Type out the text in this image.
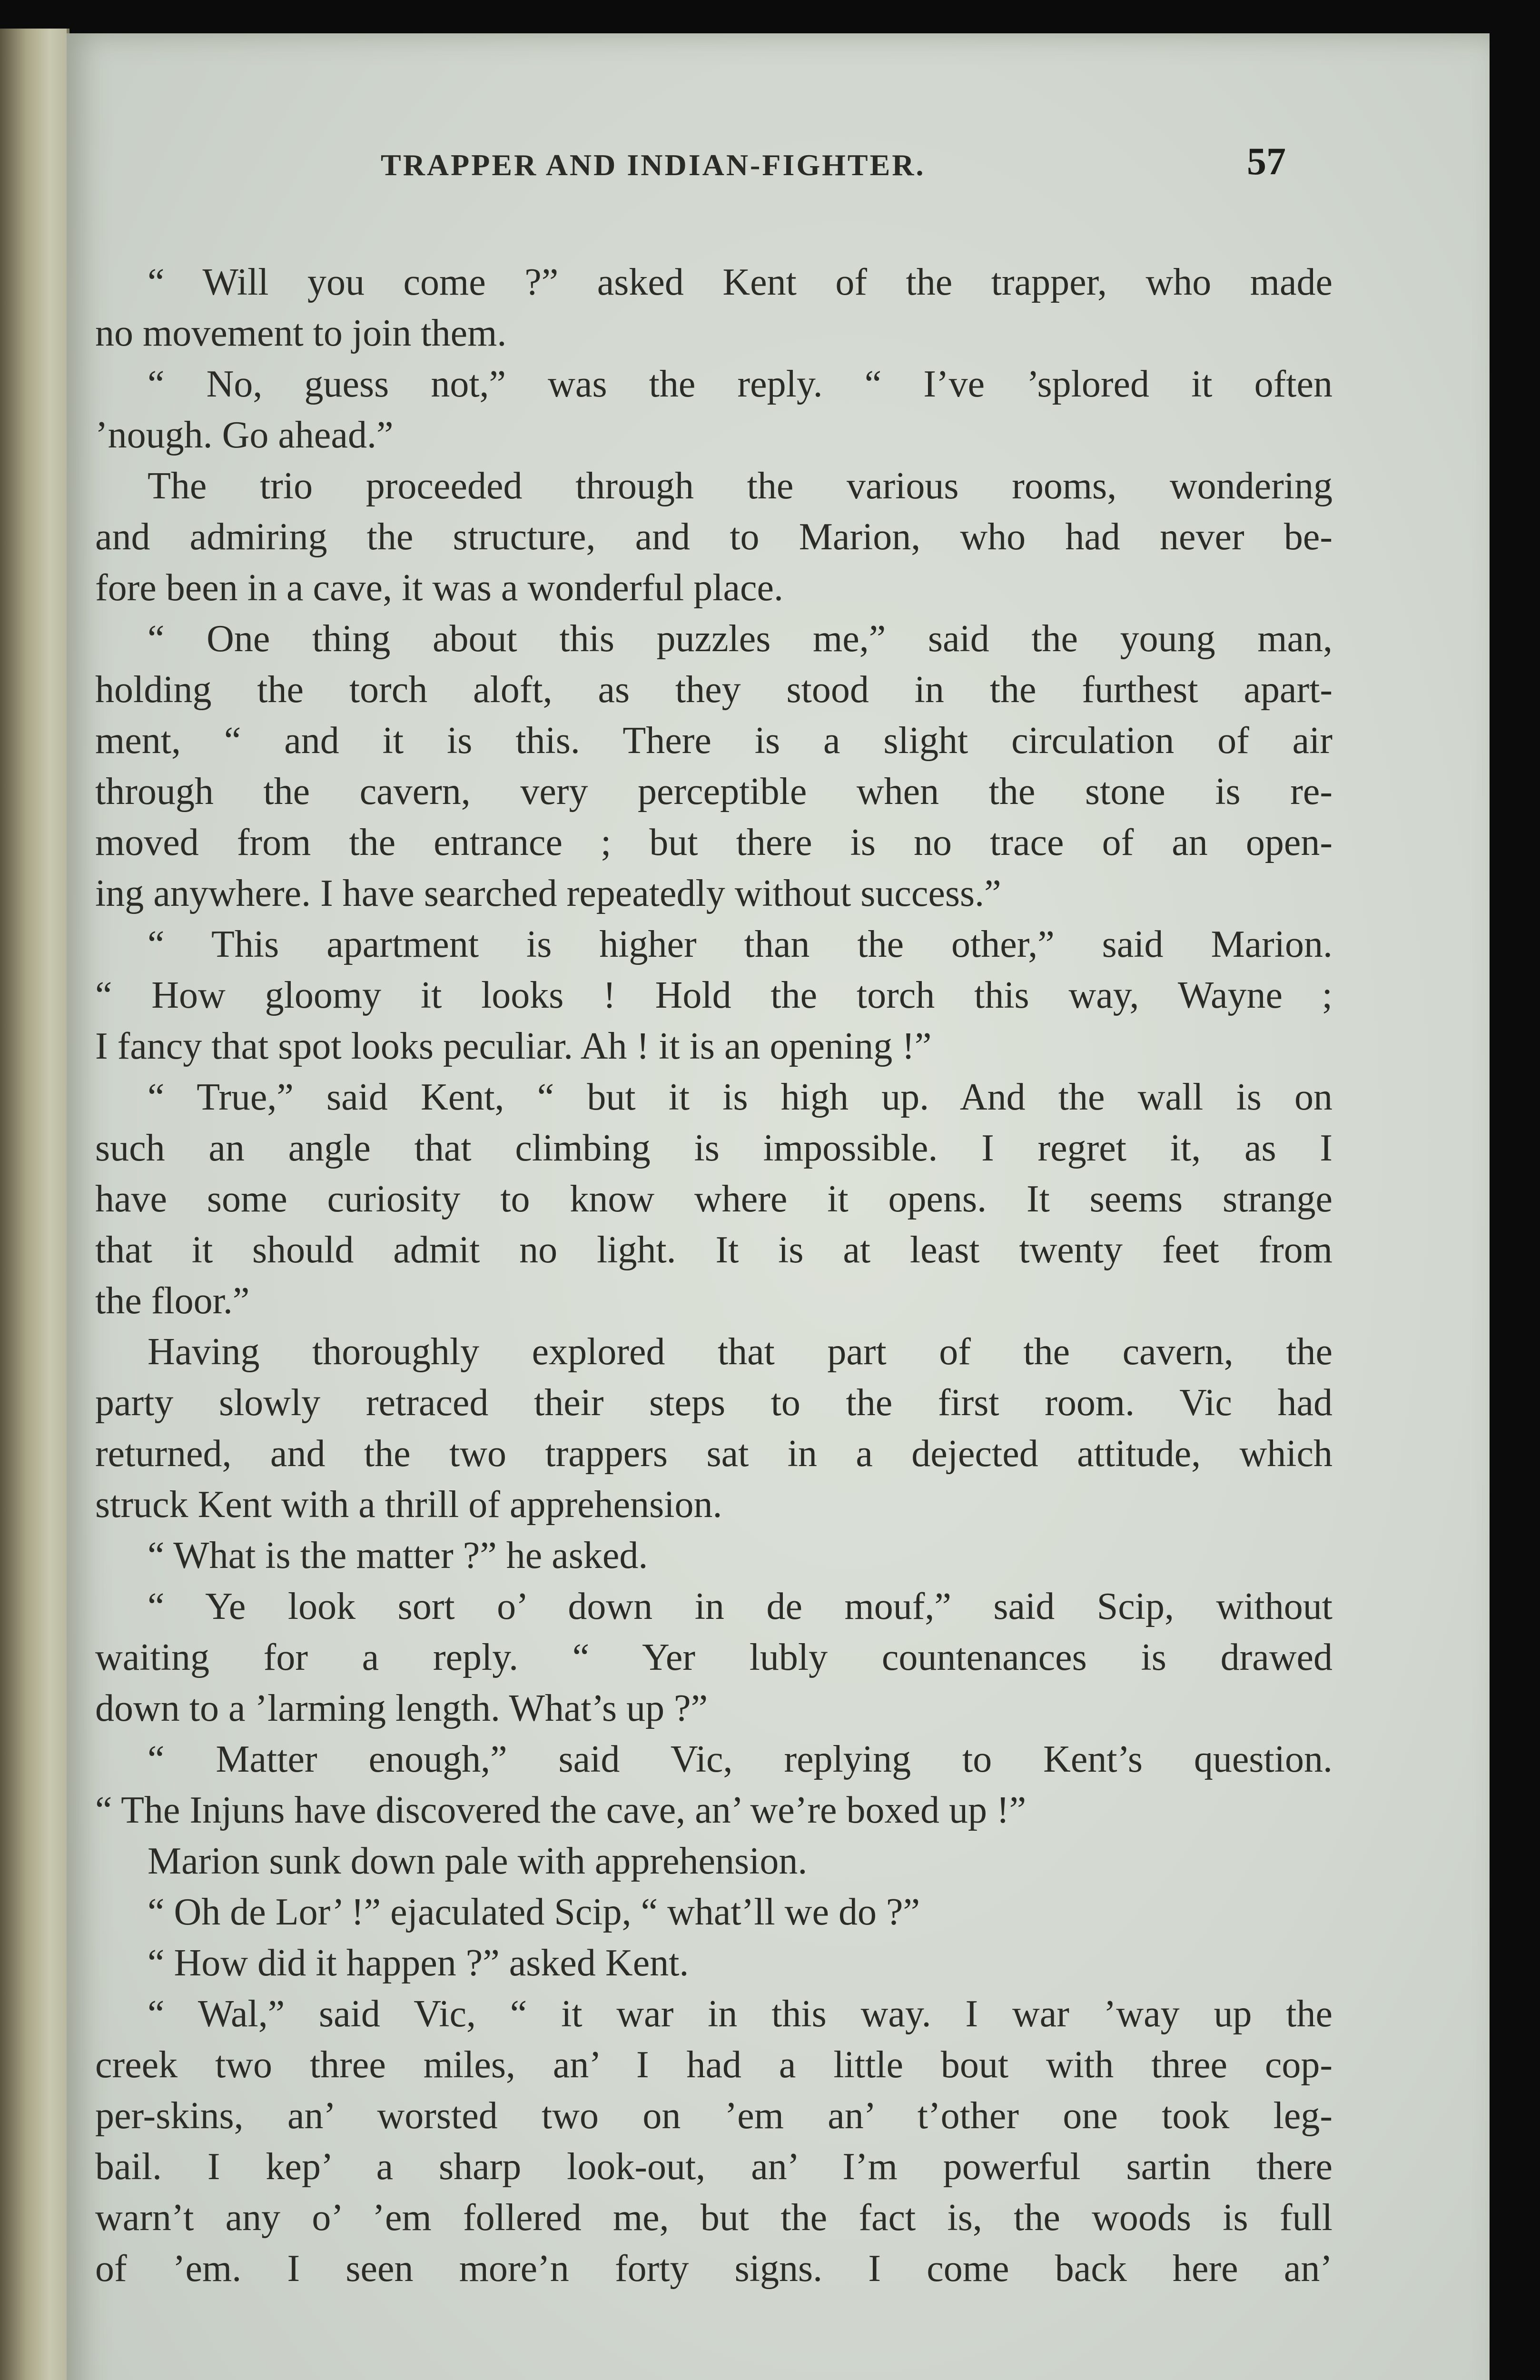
TRAPPER AND INDIAN-FIGHTER.	57
“ Will you come ?” asked Kent of the trapper, who made
no movement to join them.
“ No, guess not,” was the reply. “ I’ve ’splored it often
’nough. Go ahead.”
The trio proceeded through the various rooms, wondering
and admiring the structure, and to Marion, who had never be-
fore been in a cave, it was a wonderful place.
“ One thing about this puzzles me,” said the young man,
holding the torch aloft, as they stood in the furthest apart-
ment, “ and it is this. There is a slight circulation of air
through the cavern, very perceptible when the stone is re-
moved from the entrance ; but there is no trace of an open-
ing anywhere. I have searched repeatedly without success.”
“ This apartment is higher than the other,” said Marion.
“ How gloomy it looks ! Hold the torch this way, Wayne ;
I fancy that spot looks peculiar. Ah ! it is an opening !”
“ True,” said Kent, “ but it is high up. And the wall is on
such an angle that climbing is impossible. I regret it, as I
have some curiosity to know where it opens. It seems strange
that it should admit no light. It is at least twenty feet from
the floor.”
Having thoroughly explored that part of the cavern, the
party slowly retraced their steps to the first room. Vic had
returned, and the two trappers sat in a dejected attitude, which
struck Kent with a thrill of apprehension.
“ What is the matter ?” he asked.
“ Ye look sort o’ down in de mouf,” said Scip, without
waiting for a reply. “ Yer lubly countenances is drawed
down to a ’larming length. What’s up ?”
“ Matter enough,” said Vic, replying to Kent’s question.
“ The Injuns have discovered the cave, an’ we’re boxed up !”
Marion sunk down pale with apprehension.
“ Oh de Lor’ !” ejaculated Scip, “ what’ll we do ?”
“ How did it happen ?” asked Kent.
“ Wal,” said Vic, “ it war in this way. I war ’way up the
creek two three miles, an’ I had a little bout with three cop-
per-skins, an’ worsted two on ’em an’ t’other one took leg-
bail. I kep’ a sharp look-out, an’ I’m powerful sartin there
warn’t any o’ ’em follered me, but the fact is, the woods is full
of ’em. I seen more’n forty signs. I come back here an’
